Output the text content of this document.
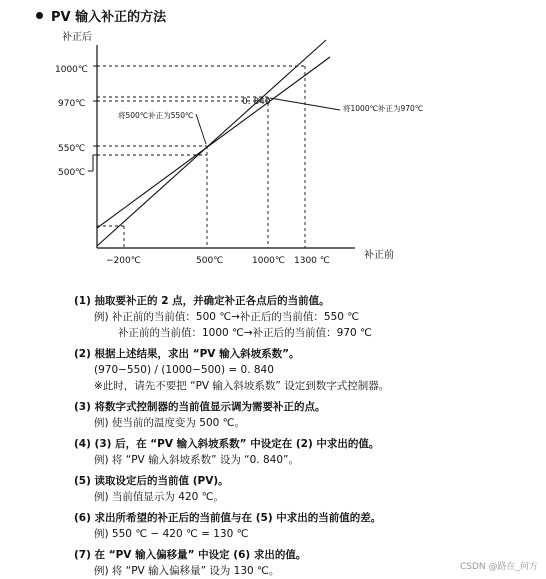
PV 输入补正的方法
补正后
补正前
1000℃
970℃
550℃
500℃
−200℃	500℃	1000℃ 1300 ℃
将500℃补正为550℃
0. 840
将1000℃补正为970℃
(1) 抽取要补正的 2 点，并确定补正各点后的当前值。
例) 补正前的当前值：500 ℃→补正后的当前值：550 ℃
补正前的当前值：1000 ℃→补正后的当前值：970 ℃
(2) 根据上述结果，求出 “PV 输入斜坡系数”。
(970−550) / (1000−500) = 0. 840
※此时，请先不要把 “PV 输入斜坡系数” 设定到数字式控制器。
(3) 将数字式控制器的当前值显示调为需要补正的点。
例) 使当前的温度变为 500 ℃。
(4) (3) 后，在 “PV 输入斜坡系数” 中设定在 (2) 中求出的值。
例) 将 “PV 输入斜坡系数” 设为 “0. 840”。
(5) 读取设定后的当前值 (PV)。
例) 当前值显示为 420 ℃。
(6) 求出所希望的补正后的当前值与在 (5) 中求出的当前值的差。
例) 550 ℃ − 420 ℃ = 130 ℃
(7) 在 “PV 输入偏移量” 中设定 (6) 求出的值。
例) 将 “PV 输入偏移量” 设为 130 ℃。	CSDN @路在_何方
